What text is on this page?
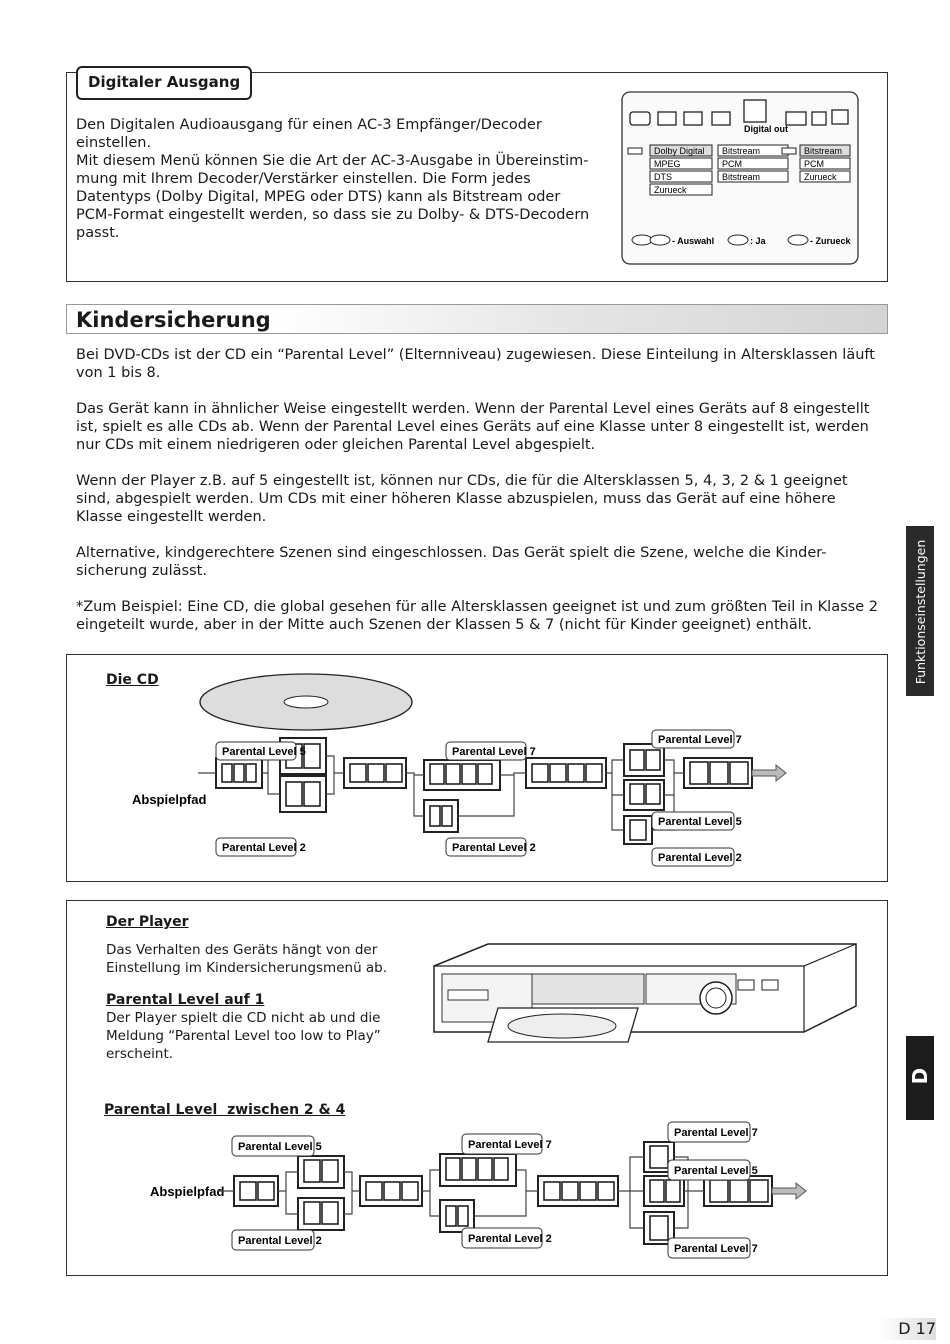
Digitaler Ausgang

Den Digitalen Audioausgang für einen AC-3 Empfänger/Decoder einstellen.

Mit diesem Menü können Sie die Art der AC-3-Ausgabe in Übereinstim-mung mit Ihrem Decoder/Verstärker einstellen. Die Form jedes Datentyps (Dolby Digital, MPEG oder DTS) kann als Bitstream oder PCM-Format eingestellt werden, so dass sie zu Dolby- & DTS-Decodern passt.

Digital out
Dolby Digital
MPEG
DTS
Zurueck
Bitstream
PCM
Bitstream
Bitstream
PCM
Zurueck
- Auswahl	: Ja	- Zurueck
Kindersicherung

Bei DVD-CDs ist der CD ein “Parental Level” (Elternniveau) zugewiesen. Diese Einteilung in Altersklassen läuft von 1 bis 8.

Das Gerät kann in ähnlicher Weise eingestellt werden. Wenn der Parental Level eines Geräts auf 8 eingestellt ist, spielt es alle CDs ab. Wenn der Parental Level eines Geräts auf eine Klasse unter 8 eingestellt ist, werden nur CDs mit einem niedrigeren oder gleichen Parental Level abgespielt.

Wenn der Player z.B. auf 5 eingestellt ist, können nur CDs, die für die Altersklassen 5, 4, 3, 2 & 1 geeignet sind, abgespielt werden. Um CDs mit einer höheren Klasse abzuspielen, muss das Gerät auf eine höhere Klasse eingestellt werden.

Alternative, kindgerechtere Szenen sind eingeschlossen. Das Gerät spielt die Szene, welche die Kinder-sicherung zulässt.

*Zum Beispiel: Eine CD, die global gesehen für alle Altersklassen geeignet ist und zum größten Teil in Klasse 2 eingeteilt wurde, aber in der Mitte auch Szenen der Klassen 5 & 7 (nicht für Kinder geeignet) enthält.

Die CD
Abspielpfad
Parental Level 5
Parental Level 2
Parental Level 7
Parental Level 2
Parental Level 7
Parental Level 5
Parental Level 2
Der Player
Das Verhalten des Geräts hängt von der Einstellung im Kindersicherungsmenü ab.
Parental Level auf 1
Der Player spielt die CD nicht ab und die Meldung “Parental Level too low to Play” erscheint.
Parental Level  zwischen 2 & 4
Abspielpfad
Parental Level 5
Parental Level 2
Parental Level 7
Parental Level 2
Parental Level 7
Parental Level 5
Parental Level 7
Funktionseinstellungen
D
D 17
